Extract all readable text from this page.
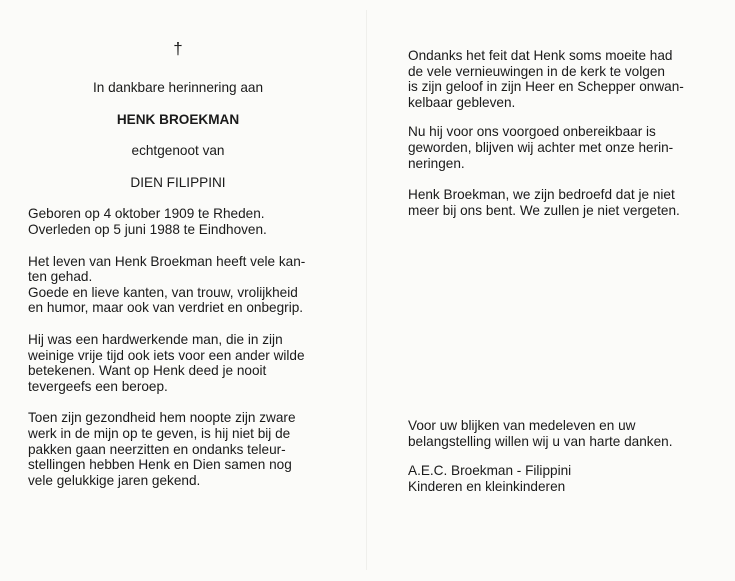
†
In dankbare herinnering aan
HENK BROEKMAN
echtgenoot van
DIEN FILIPPINI
Geboren op 4 oktober 1909 te Rheden.
Overleden op 5 juni 1988 te Eindhoven.

Het leven van Henk Broekman heeft vele kan-
ten gehad.
Goede en lieve kanten, van trouw, vrolijkheid
en humor, maar ook van verdriet en onbegrip.

Hij was een hardwerkende man, die in zijn
weinige vrije tijd ook iets voor een ander wilde
betekenen. Want op Henk deed je nooit
tevergeefs een beroep.

Toen zijn gezondheid hem noopte zijn zware
werk in de mijn op te geven, is hij niet bij de
pakken gaan neerzitten en ondanks teleur-
stellingen hebben Henk en Dien samen nog
vele gelukkige jaren gekend.

Ondanks het feit dat Henk soms moeite had
de vele vernieuwingen in de kerk te volgen
is zijn geloof in zijn Heer en Schepper onwan-
kelbaar gebleven.

Nu hij voor ons voorgoed onbereikbaar is
geworden, blijven wij achter met onze herin-
neringen.

Henk Broekman, we zijn bedroefd dat je niet
meer bij ons bent. We zullen je niet vergeten.

Voor uw blijken van medeleven en uw
belangstelling willen wij u van harte danken.

A.E.C. Broekman - Filippini
Kinderen en kleinkinderen
